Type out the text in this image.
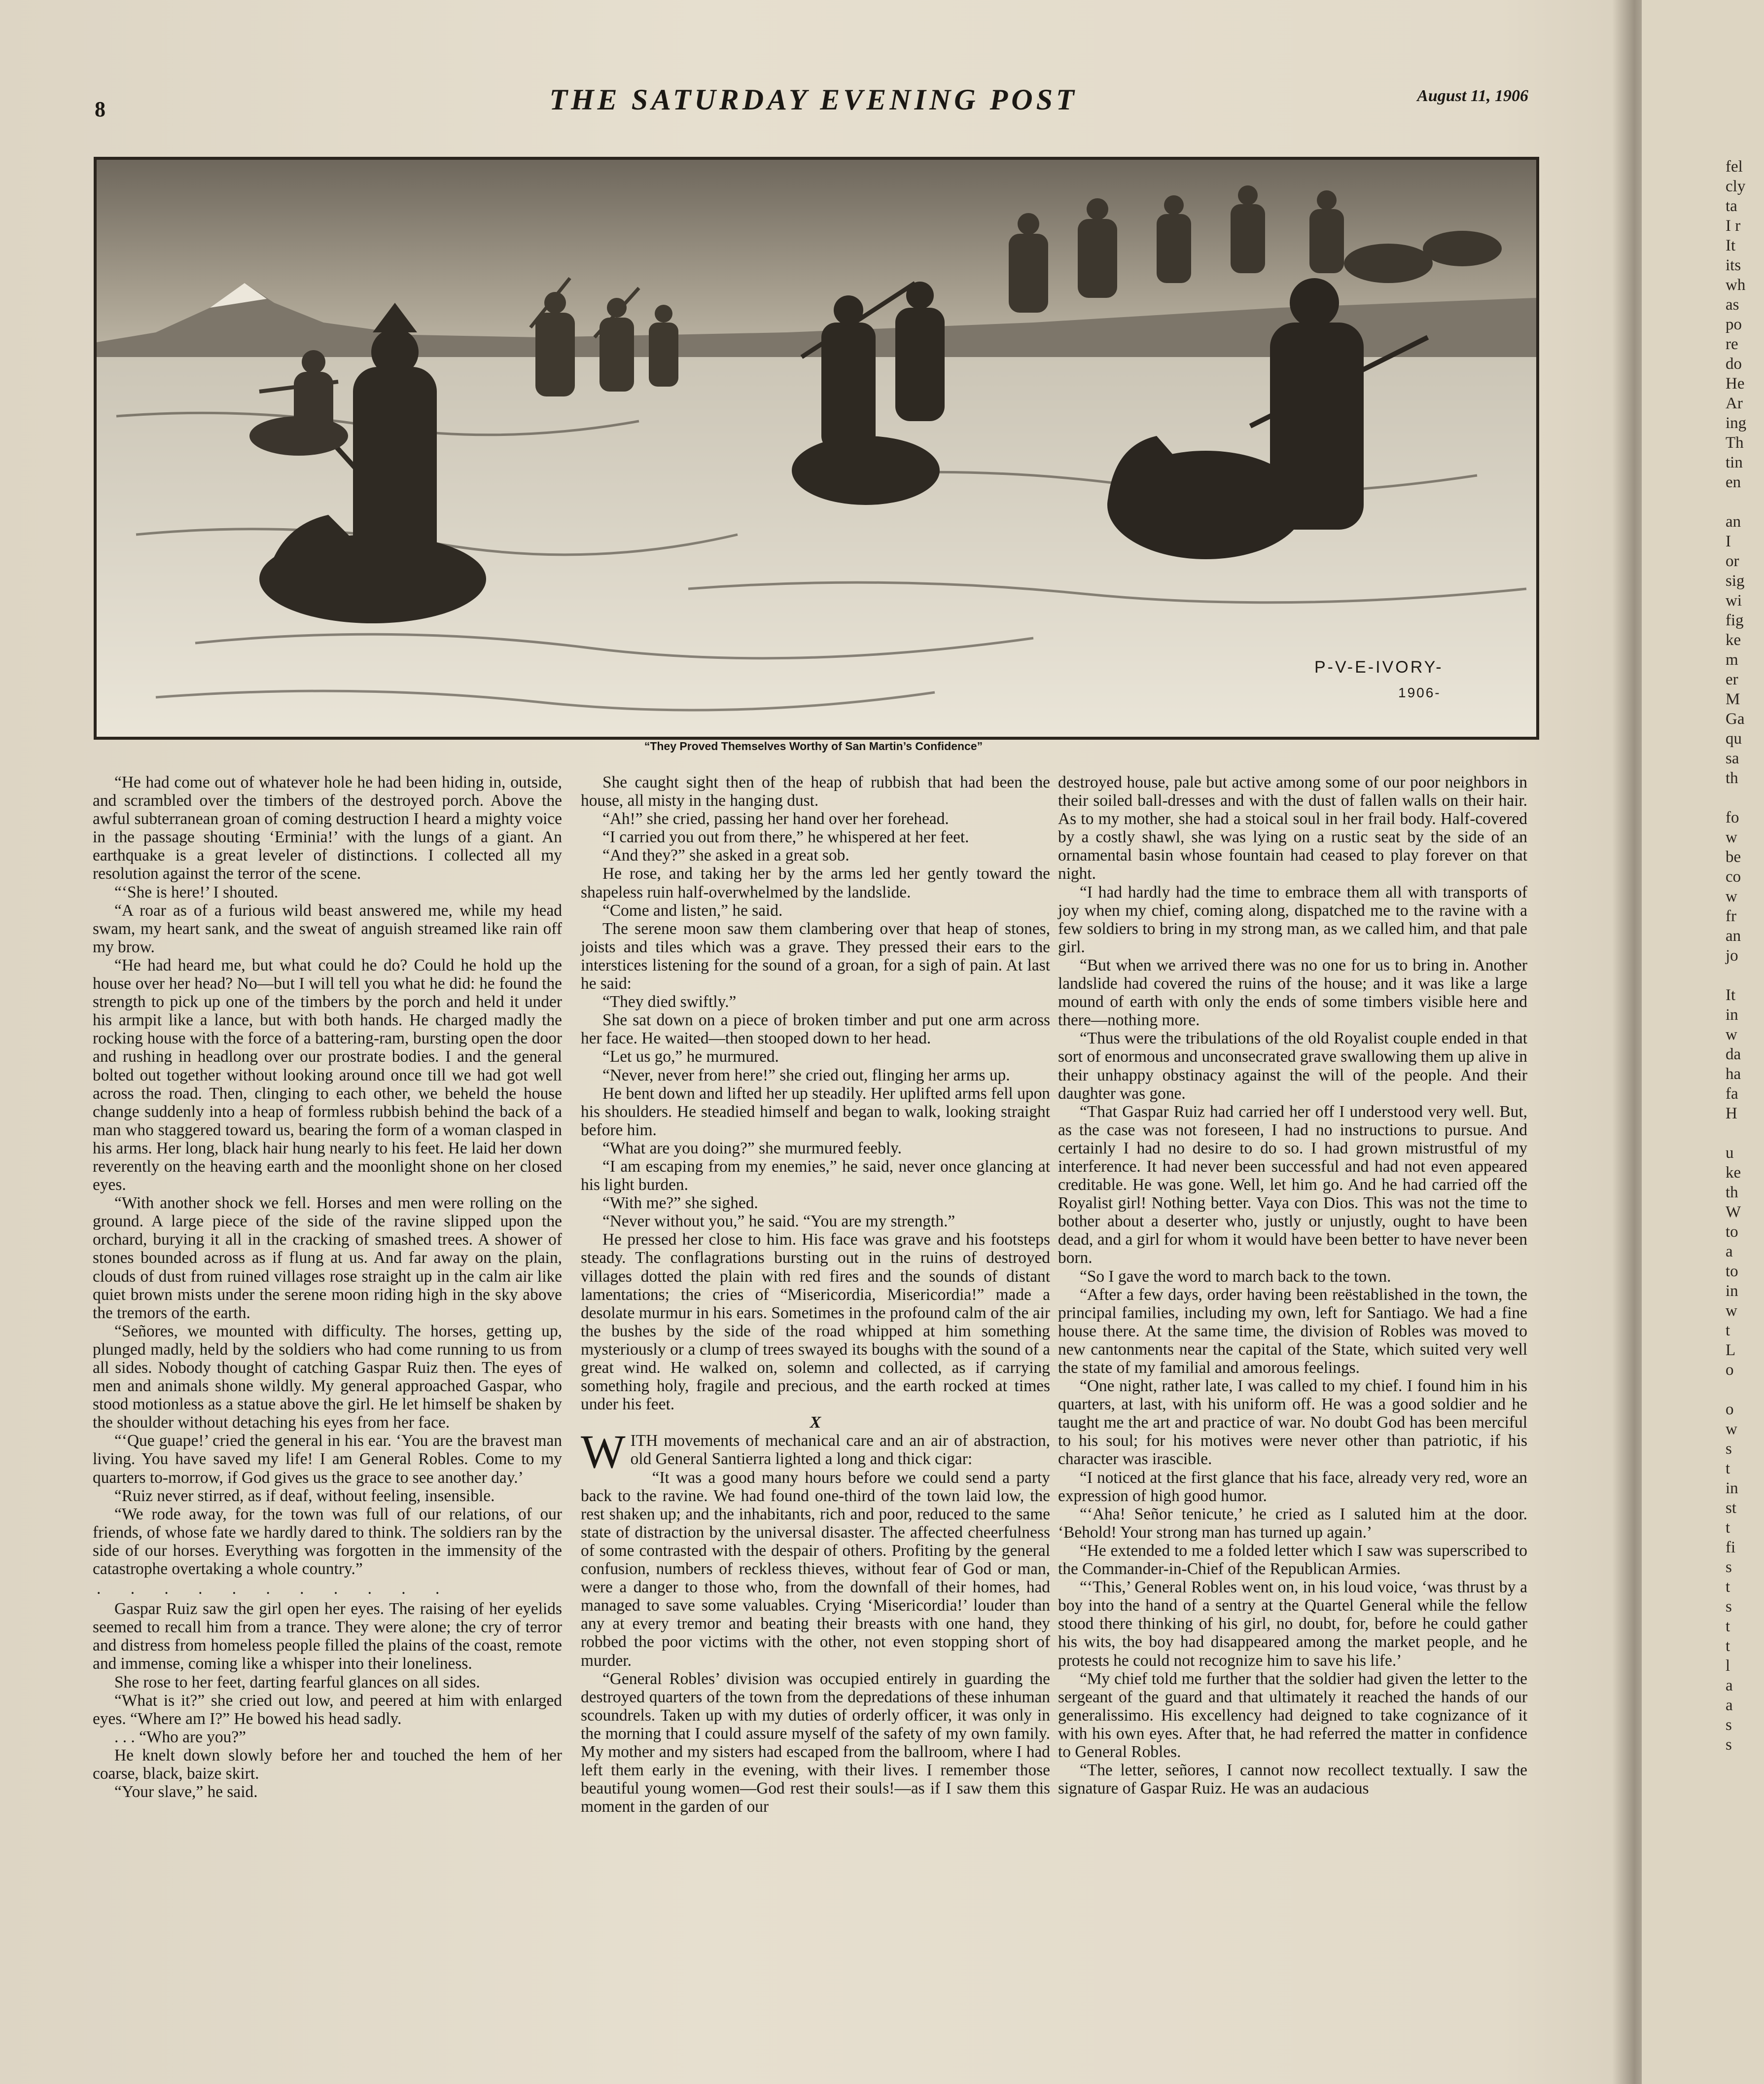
8	THE SATURDAY EVENING POST	August 11, 1906
P-V-E-IVORY-
1906-
“They Proved Themselves Worthy of San Martin’s Confidence”

“He had come out of whatever hole he had been hiding in, outside, and scrambled over the timbers of the destroyed porch. Above the awful subterranean groan of coming destruction I heard a mighty voice in the passage shouting ‘Erminia!’ with the lungs of a giant. An earthquake is a great leveler of distinctions. I collected all my resolution against the terror of the scene.

“‘She is here!’ I shouted.

“A roar as of a furious wild beast answered me, while my head swam, my heart sank, and the sweat of anguish streamed like rain off my brow.

“He had heard me, but what could he do? Could he hold up the house over her head? No—but I will tell you what he did: he found the strength to pick up one of the timbers by the porch and held it under his armpit like a lance, but with both hands. He charged madly the rocking house with the force of a battering-ram, bursting open the door and rushing in headlong over our prostrate bodies. I and the general bolted out together without looking around once till we had got well across the road. Then, clinging to each other, we beheld the house change suddenly into a heap of formless rubbish behind the back of a man who staggered toward us, bearing the form of a woman clasped in his arms. Her long, black hair hung nearly to his feet. He laid her down reverently on the heaving earth and the moonlight shone on her closed eyes.

“With another shock we fell. Horses and men were rolling on the ground. A large piece of the side of the ravine slipped upon the orchard, burying it all in the cracking of smashed trees. A shower of stones bounded across as if flung at us. And far away on the plain, clouds of dust from ruined villages rose straight up in the calm air like quiet brown mists under the serene moon riding high in the sky above the tremors of the earth.

“Señores, we mounted with difficulty. The horses, getting up, plunged madly, held by the soldiers who had come running to us from all sides. Nobody thought of catching Gaspar Ruiz then. The eyes of men and animals shone wildly. My general approached Gaspar, who stood motionless as a statue above the girl. He let himself be shaken by the shoulder without detaching his eyes from her face.

“‘Que guape!’ cried the general in his ear. ‘You are the bravest man living. You have saved my life! I am General Robles. Come to my quarters to-morrow, if God gives us the grace to see another day.’

“Ruiz never stirred, as if deaf, without feeling, insensible.

“We rode away, for the town was full of our relations, of our friends, of whose fate we hardly dared to think. The soldiers ran by the side of our horses. Everything was forgotten in the immensity of the catastrophe overtaking a whole country.”

. . . . . . . . . . .

Gaspar Ruiz saw the girl open her eyes. The raising of her eyelids seemed to recall him from a trance. They were alone; the cry of terror and distress from homeless people filled the plains of the coast, remote and immense, coming like a whisper into their loneliness.

She rose to her feet, darting fearful glances on all sides.

“What is it?” she cried out low, and peered at him with enlarged eyes. “Where am I?” He bowed his head sadly.

. . . “Who are you?”

He knelt down slowly before her and touched the hem of her coarse, black, baize skirt.

“Your slave,” he said.

She caught sight then of the heap of rubbish that had been the house, all misty in the hanging dust.

“Ah!” she cried, passing her hand over her forehead.

“I carried you out from there,” he whispered at her feet.

“And they?” she asked in a great sob.

He rose, and taking her by the arms led her gently toward the shapeless ruin half-overwhelmed by the landslide.

“Come and listen,” he said.

The serene moon saw them clambering over that heap of stones, joists and tiles which was a grave. They pressed their ears to the interstices listening for the sound of a groan, for a sigh of pain. At last he said:

“They died swiftly.”

She sat down on a piece of broken timber and put one arm across her face. He waited—then stooped down to her head.

“Let us go,” he murmured.

“Never, never from here!” she cried out, flinging her arms up.

He bent down and lifted her up steadily. Her uplifted arms fell upon his shoulders. He steadied himself and began to walk, looking straight before him.

“What are you doing?” she murmured feebly.

“I am escaping from my enemies,” he said, never once glancing at his light burden.

“With me?” she sighed.

“Never without you,” he said. “You are my strength.”

He pressed her close to him. His face was grave and his footsteps steady. The conflagrations bursting out in the ruins of destroyed villages dotted the plain with red fires and the sounds of distant lamentations; the cries of “Misericordia, Misericordia!” made a desolate murmur in his ears. Sometimes in the profound calm of the air the bushes by the side of the road whipped at him something mysteriously or a clump of trees swayed its boughs with the sound of a great wind. He walked on, solemn and collected, as if carrying something holy, fragile and precious, and the earth rocked at times under his feet.

X

WITH movements of mechanical care and an air of abstraction, old General Santierra lighted a long and thick cigar:

“It was a good many hours before we could send a party back to the ravine. We had found one-third of the town laid low, the rest shaken up; and the inhabitants, rich and poor, reduced to the same state of distraction by the universal disaster. The affected cheerfulness of some contrasted with the despair of others. Profiting by the general confusion, numbers of reckless thieves, without fear of God or man, were a danger to those who, from the downfall of their homes, had managed to save some valuables. Crying ‘Misericordia!’ louder than any at every tremor and beating their breasts with one hand, they robbed the poor victims with the other, not even stopping short of murder.

“General Robles’ division was occupied entirely in guarding the destroyed quarters of the town from the depredations of these inhuman scoundrels. Taken up with my duties of orderly officer, it was only in the morning that I could assure myself of the safety of my own family. My mother and my sisters had escaped from the ballroom, where I had left them early in the evening, with their lives. I remember those beautiful young women—God rest their souls!—as if I saw them this moment in the garden of our

destroyed house, pale but active among some of our poor neighbors in their soiled ball-dresses and with the dust of fallen walls on their hair. As to my mother, she had a stoical soul in her frail body. Half-covered by a costly shawl, she was lying on a rustic seat by the side of an ornamental basin whose fountain had ceased to play forever on that night.

“I had hardly had the time to embrace them all with transports of joy when my chief, coming along, dispatched me to the ravine with a few soldiers to bring in my strong man, as we called him, and that pale girl.

“But when we arrived there was no one for us to bring in. Another landslide had covered the ruins of the house; and it was like a large mound of earth with only the ends of some timbers visible here and there—nothing more.

“Thus were the tribulations of the old Royalist couple ended in that sort of enormous and unconsecrated grave swallowing them up alive in their unhappy obstinacy against the will of the people. And their daughter was gone.

“That Gaspar Ruiz had carried her off I understood very well. But, as the case was not foreseen, I had no instructions to pursue. And certainly I had no desire to do so. I had grown mistrustful of my interference. It had never been successful and had not even appeared creditable. He was gone. Well, let him go. And he had carried off the Royalist girl! Nothing better. Vaya con Dios. This was not the time to bother about a deserter who, justly or unjustly, ought to have been dead, and a girl for whom it would have been better to have never been born.

“So I gave the word to march back to the town.

“After a few days, order having been reëstablished in the town, the principal families, including my own, left for Santiago. We had a fine house there. At the same time, the division of Robles was moved to new cantonments near the capital of the State, which suited very well the state of my familial and amorous feelings.

“One night, rather late, I was called to my chief. I found him in his quarters, at last, with his uniform off. He was a good soldier and he taught me the art and practice of war. No doubt God has been merciful to his soul; for his motives were never other than patriotic, if his character was irascible.

“I noticed at the first glance that his face, already very red, wore an expression of high good humor.

“‘Aha! Señor tenicute,’ he cried as I saluted him at the door. ‘Behold! Your strong man has turned up again.’

“He extended to me a folded letter which I saw was superscribed to the Commander-in-Chief of the Republican Armies.

“‘This,’ General Robles went on, in his loud voice, ‘was thrust by a boy into the hand of a sentry at the Quartel General while the fellow stood there thinking of his girl, no doubt, for, before he could gather his wits, the boy had disappeared among the market people, and he protests he could not recognize him to save his life.’

“My chief told me further that the soldier had given the letter to the sergeant of the guard and that ultimately it reached the hands of our generalissimo. His excellency had deigned to take cognizance of it with his own eyes. After that, he had referred the matter in confidence to General Robles.

“The letter, señores, I cannot now recollect textually. I saw the signature of Gaspar Ruiz. He was an audacious

fel
cly
ta
I r
It
its
wh
as
po
re
do
He
Ar
ing
Th
tin
en
an
I
or
sig
wi
fig
ke
m
er
M
Ga
qu
sa
th
fo
w
be
co
w
fr
an
jo
It
in
w
da
ha
fa
H
u
ke
th
W
to
a
to
in
w
t
L
o
o
w
s
t
in
st
t
fi
s
t
s
t
t
l
a
a
s
s
